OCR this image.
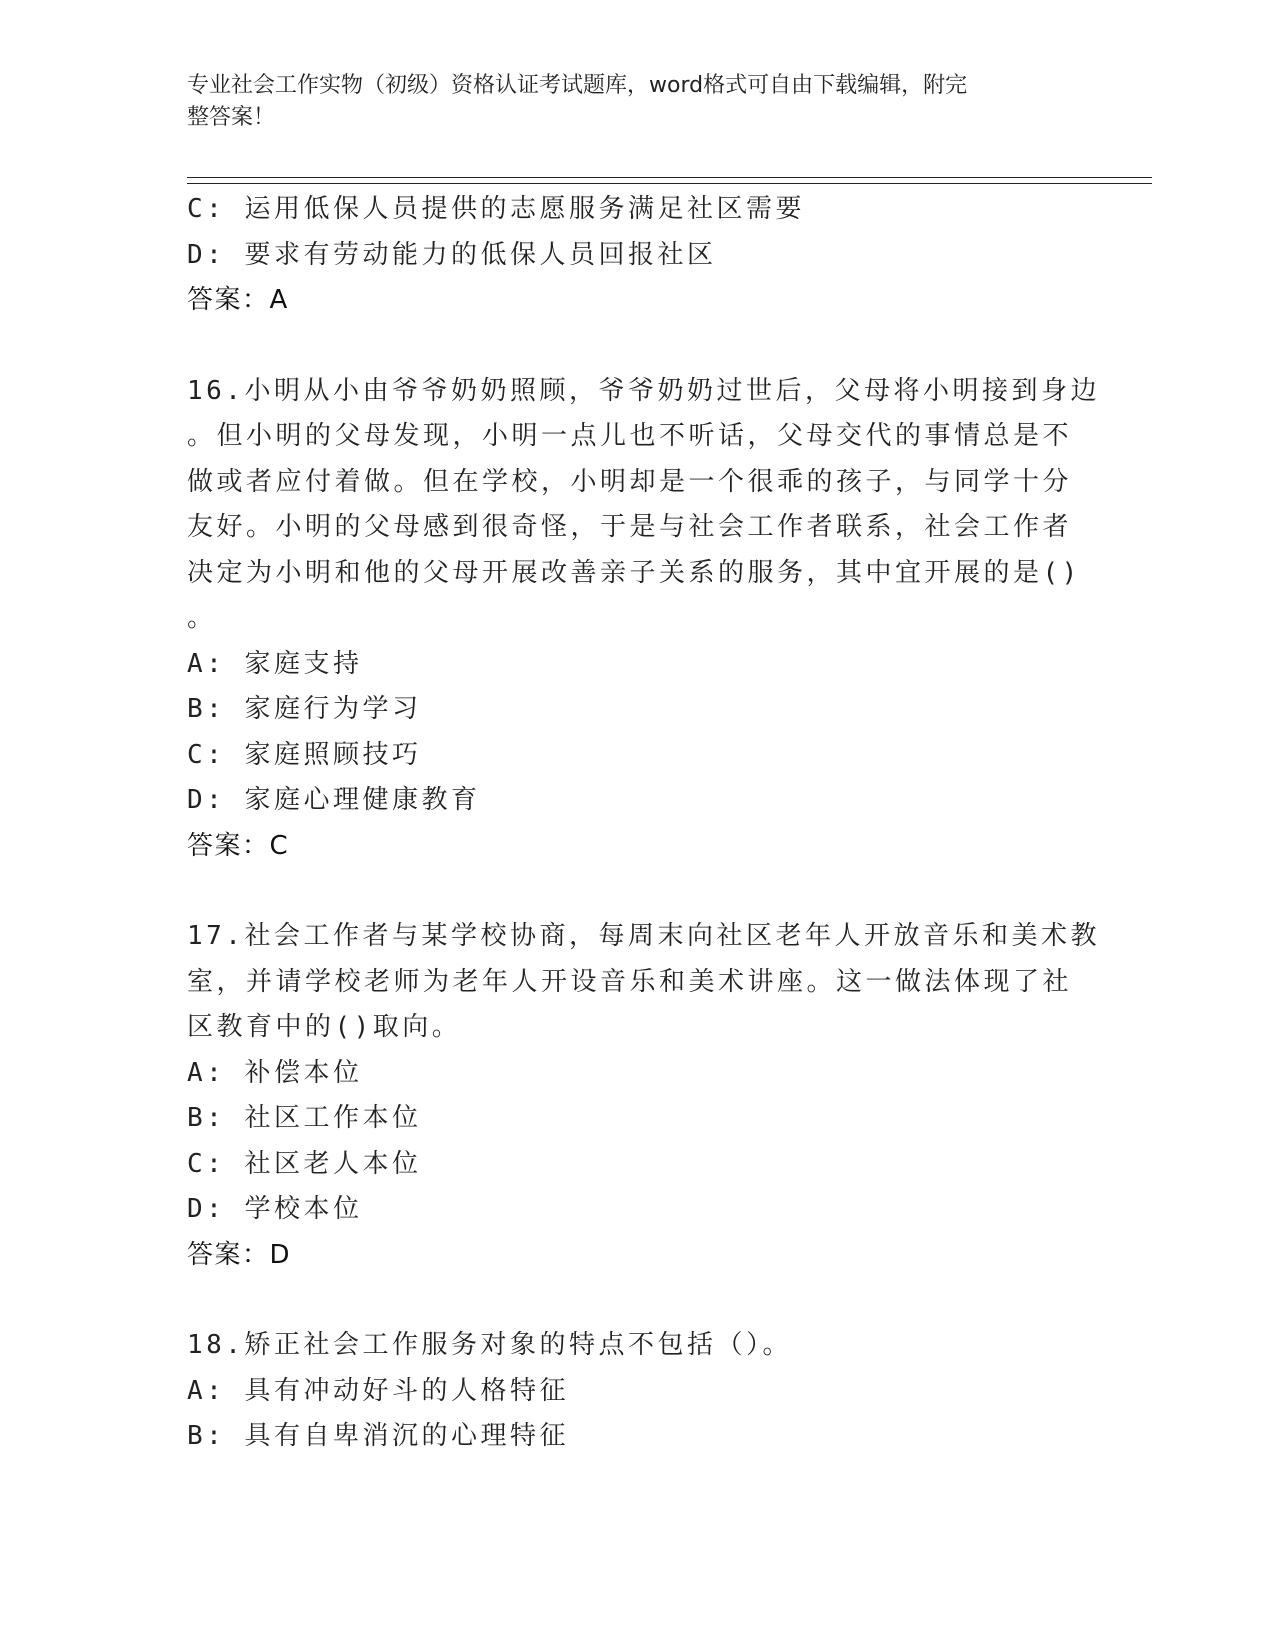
专业社会工作实物（初级）资格认证考试题库，word格式可自由下载编辑，附完
整答案！
C: 运用低保人员提供的志愿服务满足社区需要
D: 要求有劳动能力的低保人员回报社区
答案：A
16.小明从小由爷爷奶奶照顾，爷爷奶奶过世后，父母将小明接到身边
。但小明的父母发现，小明一点儿也不听话，父母交代的事情总是不
做或者应付着做。但在学校，小明却是一个很乖的孩子，与同学十分
友好。小明的父母感到很奇怪，于是与社会工作者联系，社会工作者
决定为小明和他的父母开展改善亲子关系的服务，其中宜开展的是()
。
A: 家庭支持
B: 家庭行为学习
C: 家庭照顾技巧
D: 家庭心理健康教育
答案：C
17.社会工作者与某学校协商，每周末向社区老年人开放音乐和美术教
室，并请学校老师为老年人开设音乐和美术讲座。这一做法体现了社
区教育中的()取向。
A: 补偿本位
B: 社区工作本位
C: 社区老人本位
D: 学校本位
答案：D
18.矫正社会工作服务对象的特点不包括（）。
A: 具有冲动好斗的人格特征
B: 具有自卑消沉的心理特征
